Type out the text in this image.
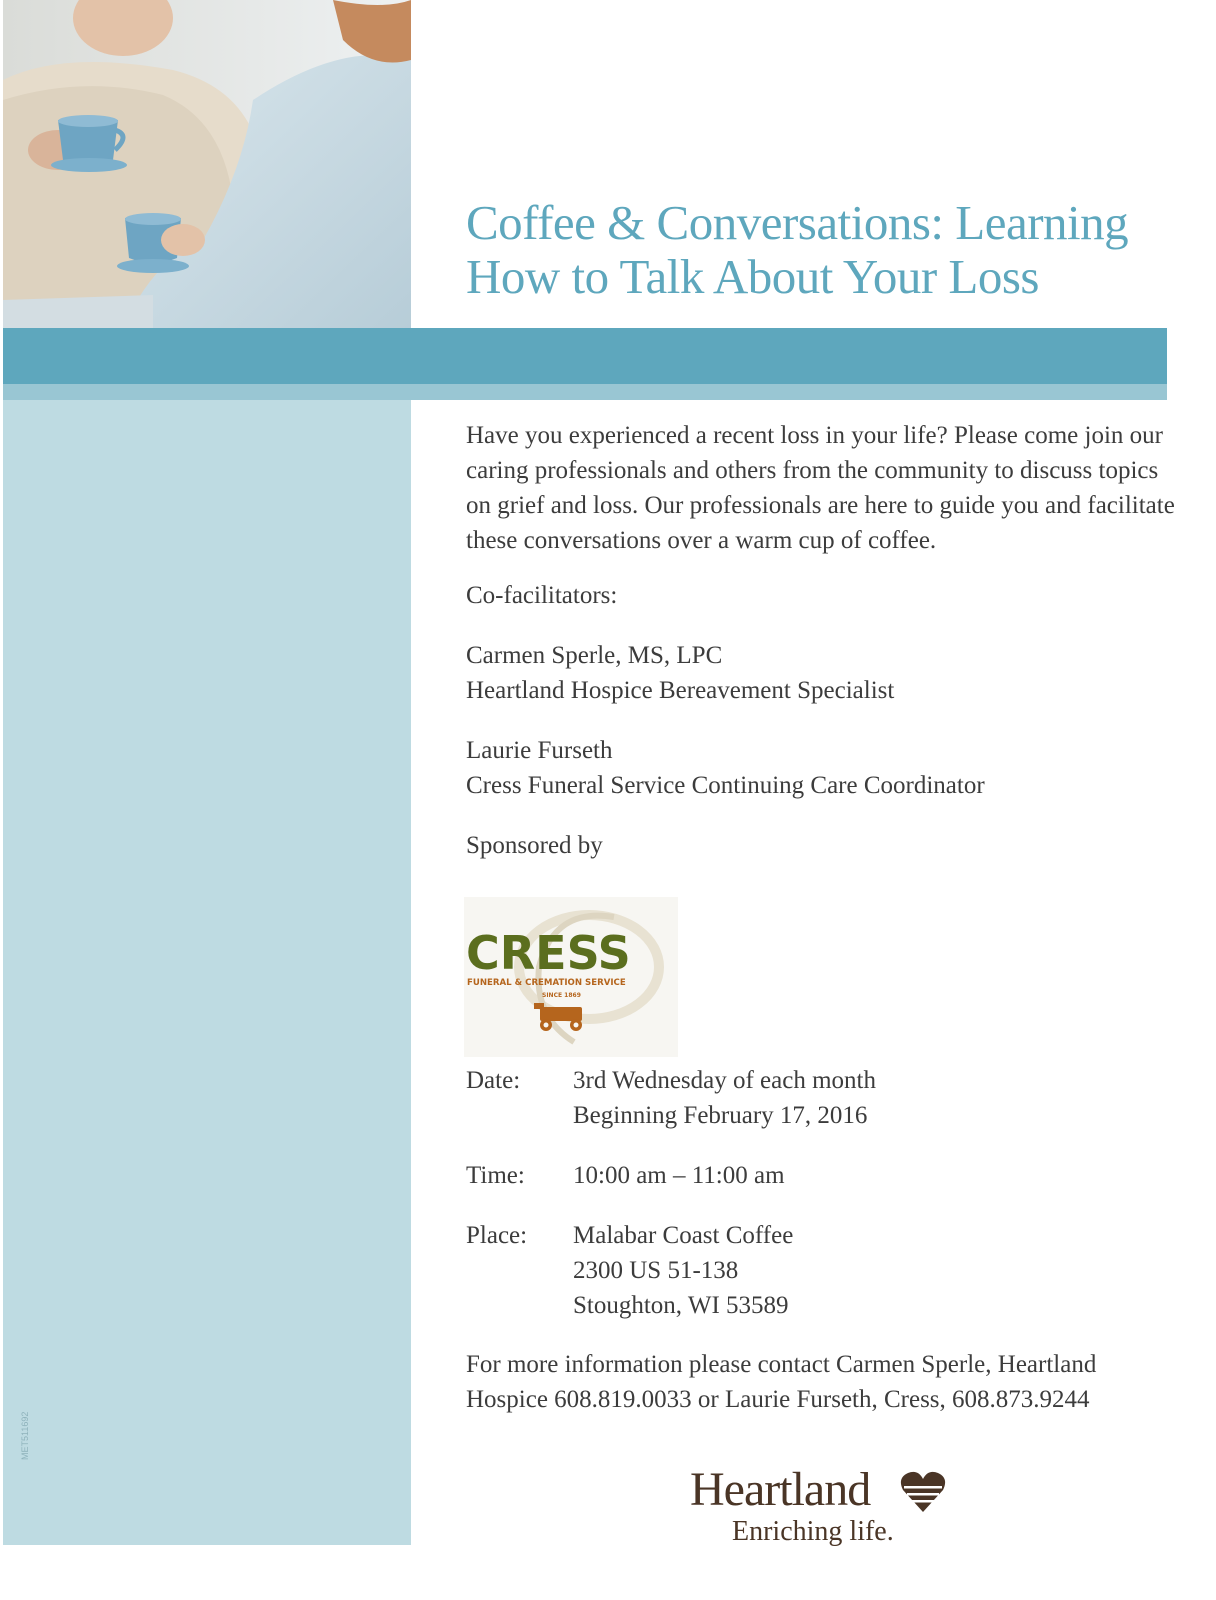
Coffee & Conversations: Learning
How to Talk About Your Loss

Have you experienced a recent loss in your life? Please come join our caring professionals and others from the community to discuss topics on grief and loss. Our professionals are here to guide you and facilitate these conversations over a warm cup of coffee.

Co-facilitators:
Carmen Sperle, MS, LPC
Heartland Hospice Bereavement Specialist
Laurie Furseth
Cress Funeral Service Continuing Care Coordinator
Sponsored by
CRESS
FUNERAL & CREMATION SERVICE
SINCE 1869
Date: 3rd Wednesday of each month
Beginning February 17, 2016
Time: 10:00 am – 11:00 am
Place: Malabar Coast Coffee
2300 US 51-138
Stoughton, WI 53589
For more information please contact Carmen Sperle, Heartland
Hospice 608.819.0033 or Laurie Furseth, Cress, 608.873.9244
Heartland
Enriching life.
MET511692
